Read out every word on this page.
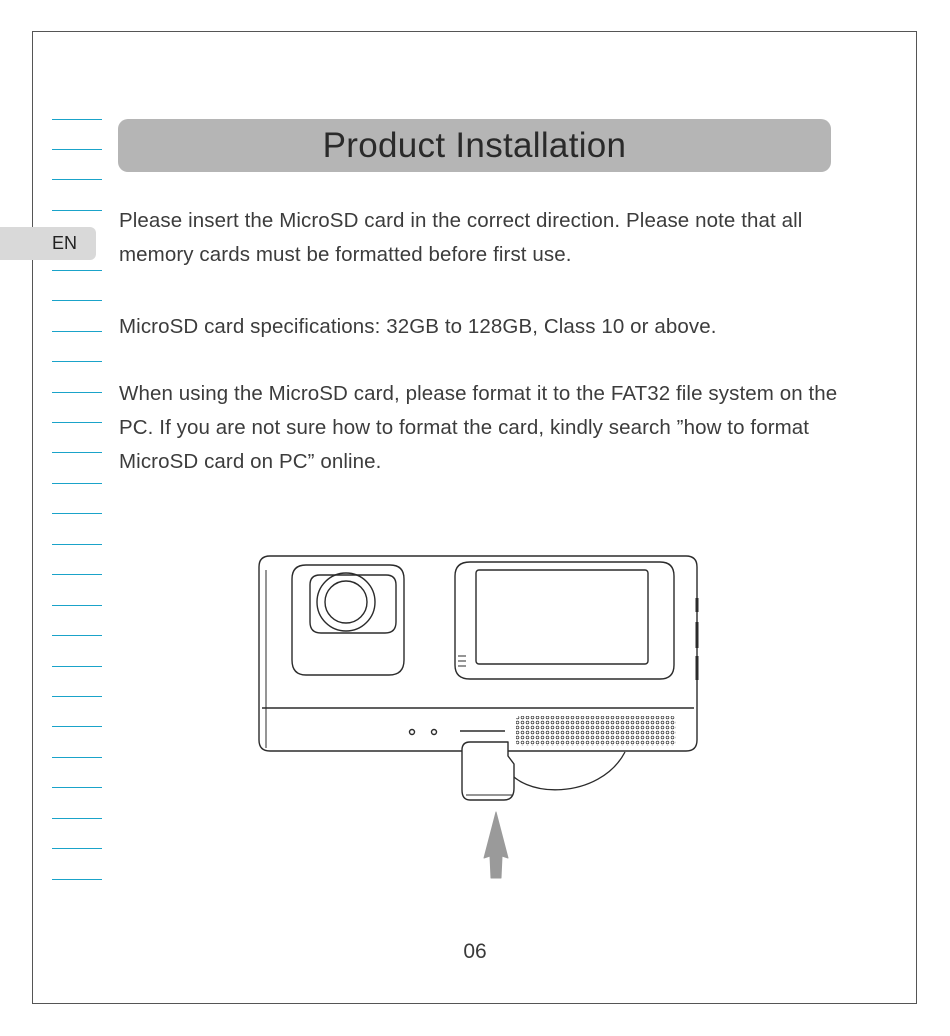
EN
Product Installation

Please insert the MicroSD card in the correct direction. Please note that all memory cards must be formatted before first use.

MicroSD card specifications: 32GB to 128GB, Class 10 or above.

When using the MicroSD card, please format it to the FAT32 file system on the PC. If you are not sure how to format the card, kindly search ”how to format MicroSD card on PC” online.

06
